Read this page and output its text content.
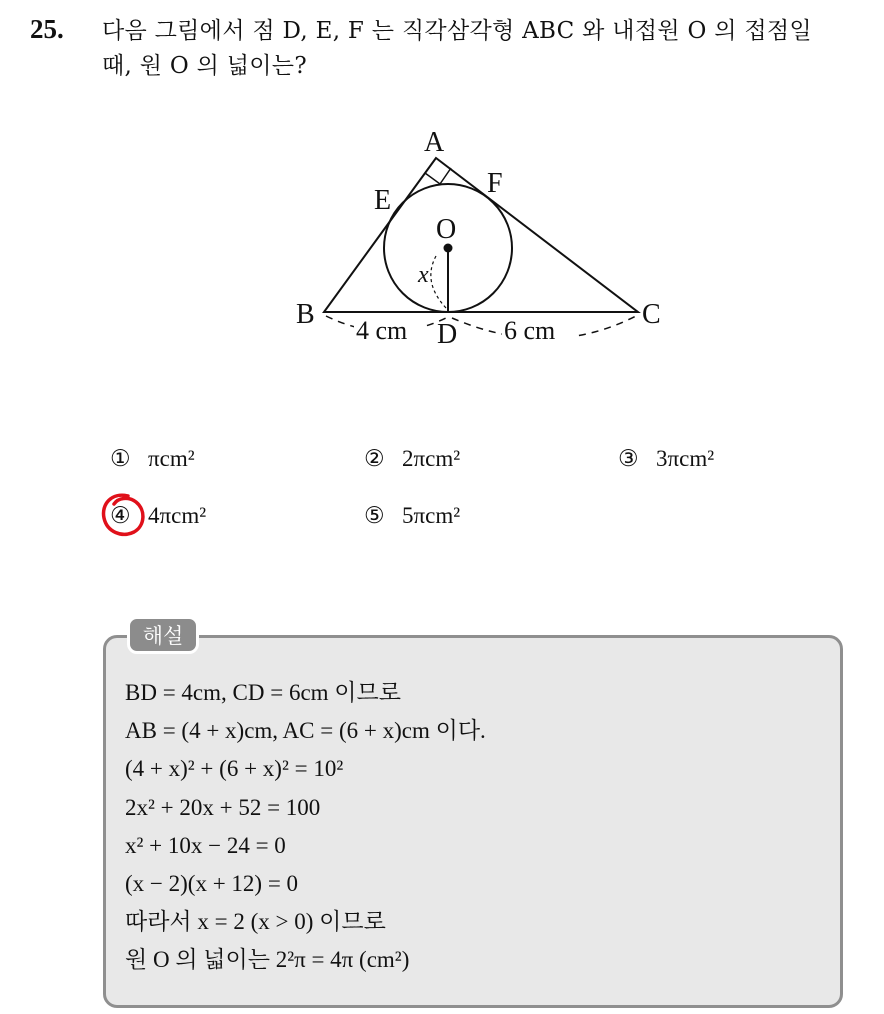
25. 다음 그림에서 점 D, E, F 는 직각삼각형 ABC 와 내접원 O 의 접점일
때, 원 O 의 넓이는?
A
E
F
O
x
B	C
D
4 cm	6 cm
① πcm²	② 2πcm²	③ 3πcm²
④ 4πcm²	⑤ 5πcm²
해설
BD = 4cm, CD = 6cm 이므로
AB = (4 + x)cm, AC = (6 + x)cm 이다.
(4 + x)² + (6 + x)² = 10²
2x² + 20x + 52 = 100
x² + 10x − 24 = 0
(x − 2)(x + 12) = 0
따라서 x = 2 (x > 0) 이므로
원 O 의 넓이는 2²π = 4π (cm²)
